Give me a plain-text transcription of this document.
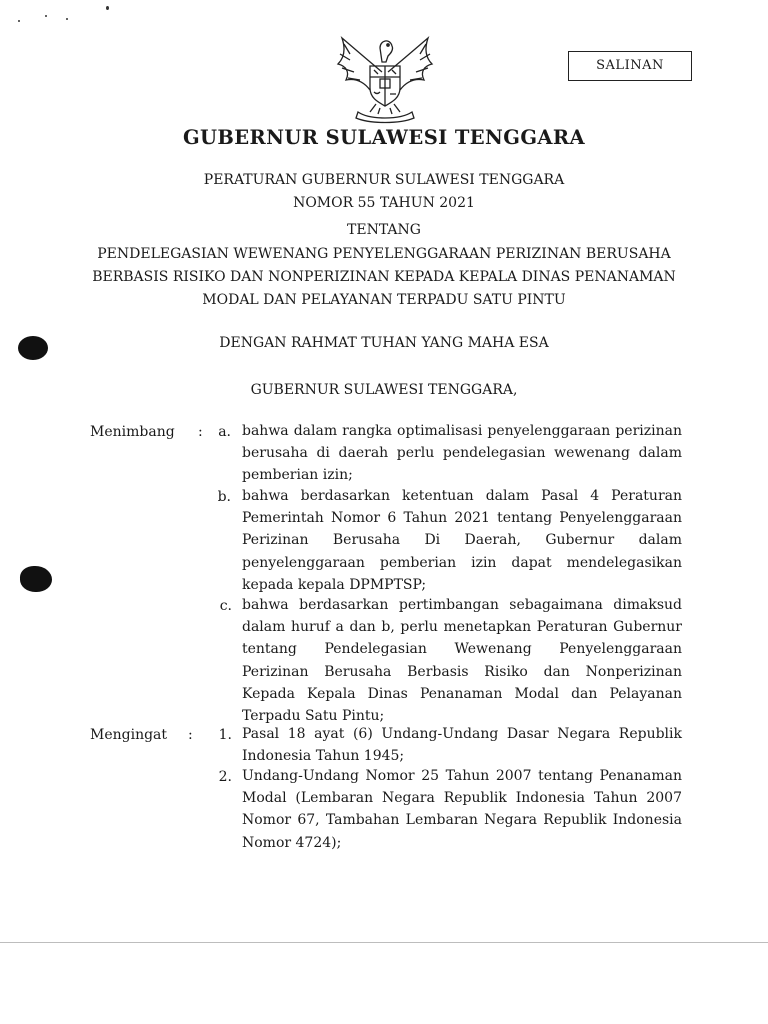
SALINAN
GUBERNUR SULAWESI TENGGARA
PERATURAN GUBERNUR SULAWESI TENGGARA
NOMOR 55 TAHUN 2021
TENTANG
PENDELEGASIAN WEWENANG PENYELENGGARAAN PERIZINAN BERUSAHA BERBASIS RISIKO DAN NONPERIZINAN KEPADA KEPALA DINAS PENANAMAN MODAL DAN PELAYANAN TERPADU SATU PINTU
DENGAN RAHMAT TUHAN YANG MAHA ESA
GUBERNUR SULAWESI TENGGARA,
Menimbang :	a. bahwa dalam rangka optimalisasi penyelenggaraan perizinan berusaha di daerah perlu pendelegasian wewenang dalam pemberian izin;
b. bahwa berdasarkan ketentuan dalam Pasal 4 Peraturan Pemerintah Nomor 6 Tahun 2021 tentang Penyelenggaraan Perizinan Berusaha Di Daerah, Gubernur dalam penyelenggaraan pemberian izin dapat mendelegasikan kepada kepala DPMPTSP;
c. bahwa berdasarkan pertimbangan sebagaimana dimaksud dalam huruf a dan b, perlu menetapkan Peraturan Gubernur tentang Pendelegasian Wewenang Penyelenggaraan Perizinan Berusaha Berbasis Risiko dan Nonperizinan Kepada Kepala Dinas Penanaman Modal dan Pelayanan Terpadu Satu Pintu;
Mengingat :	1. Pasal 18 ayat (6) Undang-Undang Dasar Negara Republik Indonesia Tahun 1945;
2. Undang-Undang Nomor 25 Tahun 2007 tentang Penanaman Modal (Lembaran Negara Republik Indonesia Tahun 2007 Nomor 67, Tambahan Lembaran Negara Republik Indonesia Nomor 4724);
